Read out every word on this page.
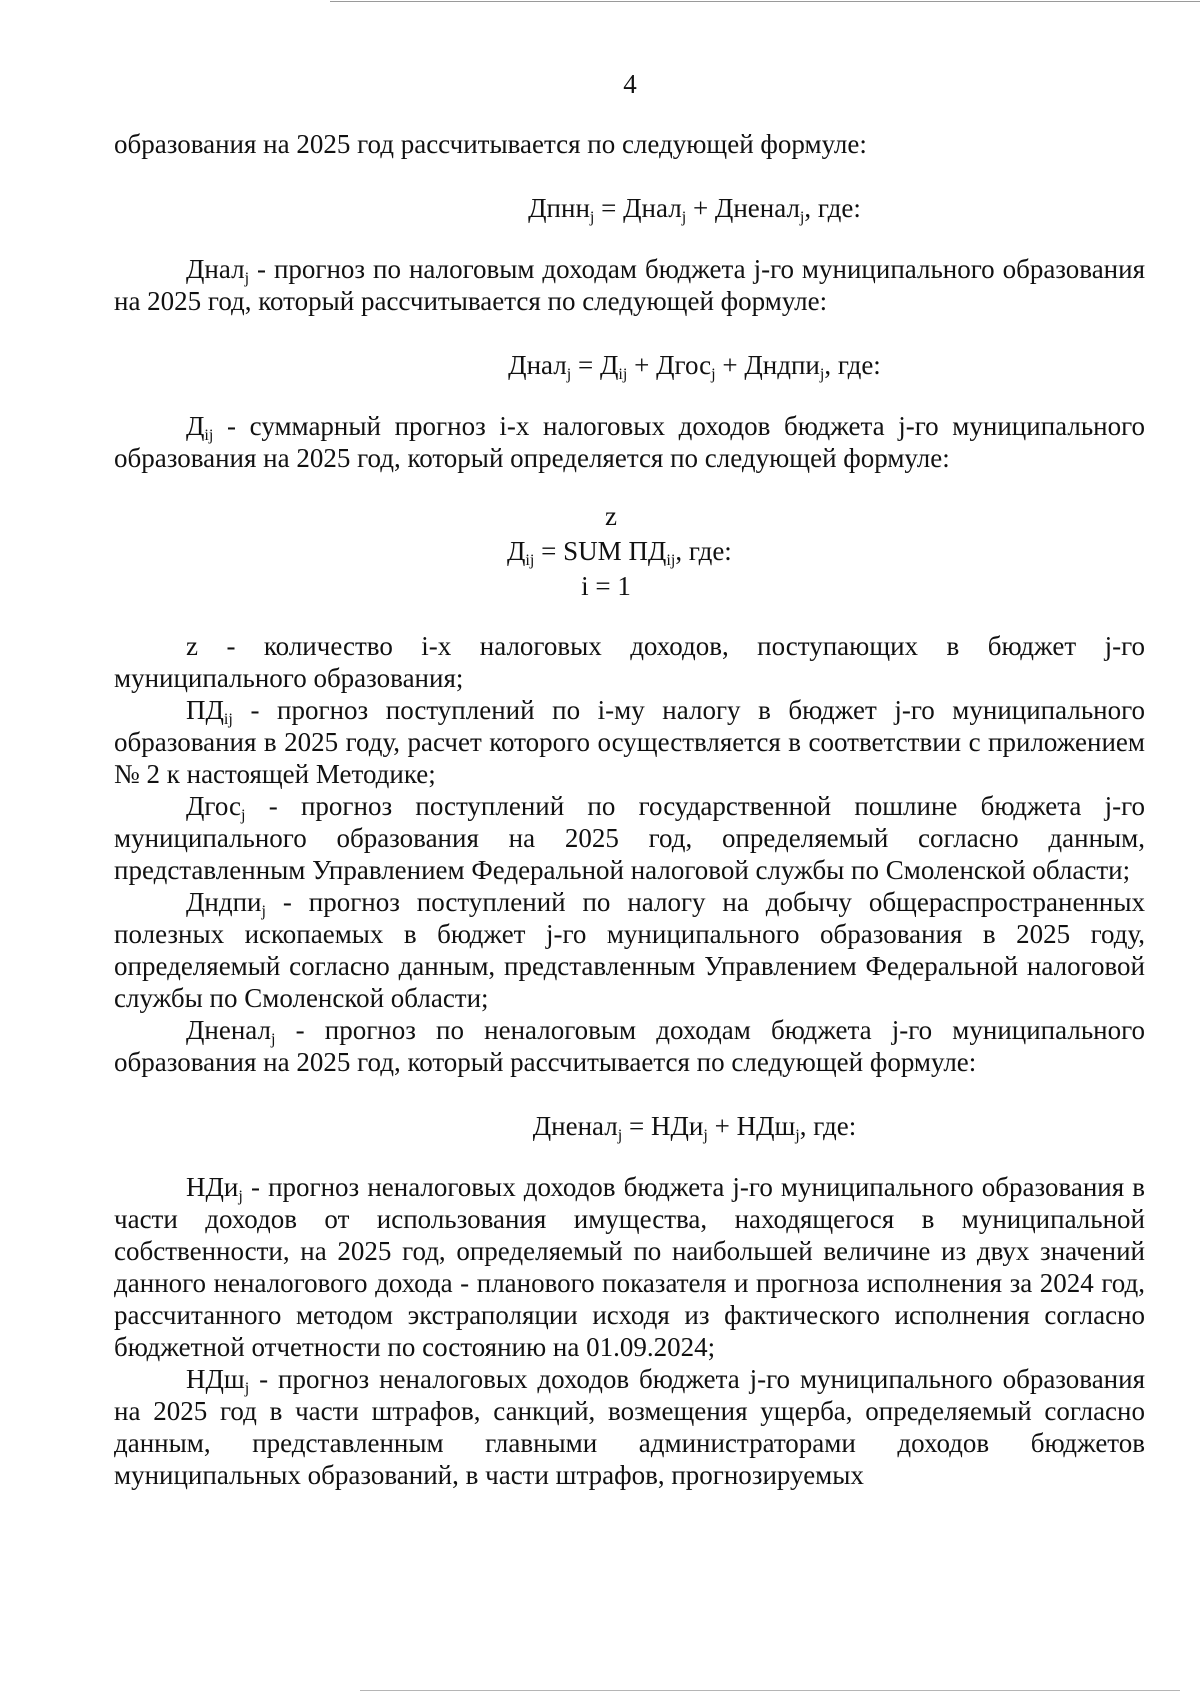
4

образования на 2025 год рассчитывается по следующей формуле:

Дпнн$_j$ = Днал$_j$ + Дненал$_j$, где:

Днал$_j$ - прогноз по налоговым доходам бюджета j-го муниципального образования на 2025 год, который рассчитывается по следующей формуле:

Днал$_j$ = $Д_{ij}$ + Дгос$_j$ + Дндпи$_j$, где:

$Д_{ij}$ - суммарный прогноз i-х налоговых доходов бюджета j-го муниципального образования на 2025 год, который определяется по следующей формуле:

z
$Д_{ij}$ = SUM $ПД_{ij}$, где:
i = 1

z - количество i-х налоговых доходов, поступающих в бюджет j-го муниципального образования;

$ПД_{ij}$ - прогноз поступлений по i-му налогу в бюджет j-го муниципального образования в 2025 году, расчет которого осуществляется в соответствии с приложением № 2 к настоящей Методике;

Дгос$_j$ - прогноз поступлений по государственной пошлине бюджета j-го муниципального образования на 2025 год, определяемый согласно данным, представленным Управлением Федеральной налоговой службы по Смоленской области;

Дндпи$_j$ - прогноз поступлений по налогу на добычу общераспространенных полезных ископаемых в бюджет j-го муниципального образования в 2025 году, определяемый согласно данным, представленным Управлением Федеральной налоговой службы по Смоленской области;

Дненал$_j$ - прогноз по неналоговым доходам бюджета j-го муниципального образования на 2025 год, который рассчитывается по следующей формуле:

Дненал$_j$ = НДи$_j$ + НДш$_j$, где:

НДи$_j$ - прогноз неналоговых доходов бюджета j-го муниципального образования в части доходов от использования имущества, находящегося в муниципальной собственности, на 2025 год, определяемый по наибольшей величине из двух значений данного неналогового дохода - планового показателя и прогноза исполнения за 2024 год, рассчитанного методом экстраполяции исходя из фактического исполнения согласно бюджетной отчетности по состоянию на 01.09.2024;

НДш$_j$ - прогноз неналоговых доходов бюджета j-го муниципального образования на 2025 год в части штрафов, санкций, возмещения ущерба, определяемый согласно данным, представленным главными администраторами доходов бюджетов муниципальных образований, в части штрафов, прогнозируемых
